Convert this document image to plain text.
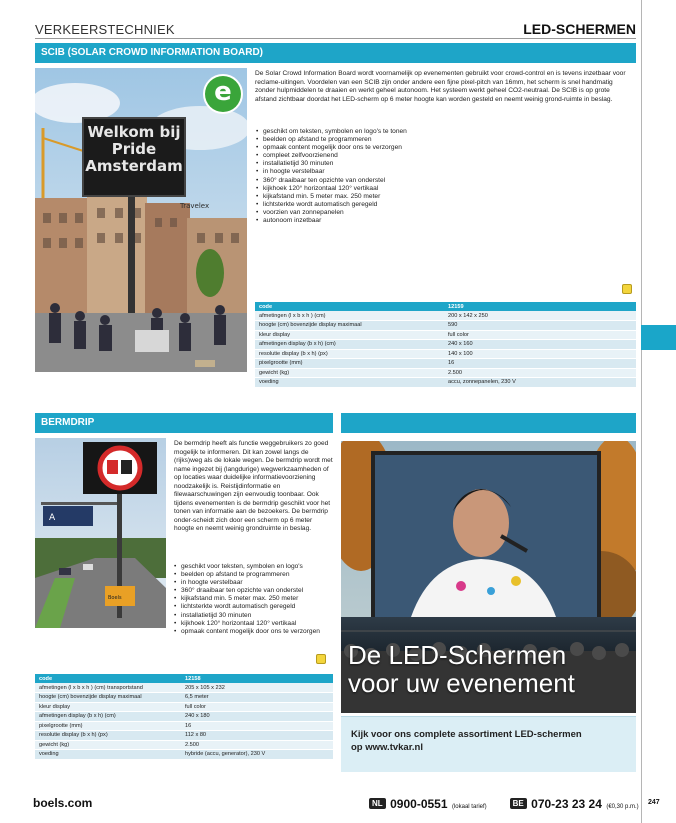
VERKEERSTECHNIEK	LED-SCHERMEN
SCIB (SOLAR CROWD INFORMATION BOARD)
Travelex
Welkom bij Pride Amsterdam
e
De Solar Crowd Information Board wordt voornamelijk op evenementen gebruikt voor crowd-control en is tevens inzetbaar voor reclame-uitingen. Voordelen van een SCIB zijn onder andere een fijne pixel-pitch van 16mm, het scherm is snel handmatig zonder hulpmiddelen te draaien en werkt geheel autonoom. Het systeem werkt geheel CO2-neutraal. De SCIB is op grote afstand zichtbaar doordat het LED-scherm op 6 meter hoogte kan worden gesteld en neemt weinig grond-ruimte in beslag.
• geschikt om teksten, symbolen en logo's te tonen
• beelden op afstand te programmeren
• opmaak content mogelijk door ons te verzorgen
• compleet zelfvoorzienend
• installatietijd 30 minuten
• in hoogte verstelbaar
• 360° draaibaar ten opzichte van onderstel
• kijkhoek 120° horizontaal 120° vertikaal
• kijkafstand min. 5 meter max. 250 meter
• lichtsterkte wordt automatisch geregeld
• voorzien van zonnepanelen
• autonoom inzetbaar
code	12159
afmetingen (l x b x h ) (cm)	200 x 142 x 250
hoogte (cm) bovenzijde display maximaal	590
kleur display	full color
afmetingen display (b x h) (cm)	240 x 160
resolutie display (b x h) (px)	140 x 100
pixelgrootte (mm)	16
gewicht (kg)	2.500
voeding	accu, zonnepanelen, 230 V
BERMDRIP
A
Boels
De bermdrip heeft als functie weggebruikers zo goed mogelijk te informeren. Dit kan zowel langs de (rijks)weg als de lokale wegen. De bermdrip wordt met name ingezet bij (langdurige) wegwerkzaamheden of op locaties waar duidelijke informatievoorziening noodzakelijk is. Reistijdinformatie en filewaarschuwingen zijn eenvoudig toonbaar. Ook tijdens evenementen is de bermdrip geschikt voor het tonen van informatie aan de bezoekers. De bermdrip onder-scheidt zich door een scherm op 6 meter hoogte en neemt weinig grondruimte in beslag.
• geschikt voor teksten, symbolen en logo's
• beelden op afstand te programmeren
• in hoogte verstelbaar
• 360° draaibaar ten opzichte van onderstel
• kijkafstand min. 5 meter max. 250 meter
• lichtsterkte wordt automatisch geregeld
• installatietijd 30 minuten
• kijkhoek 120° horizontaal 120° vertikaal
• opmaak content mogelijk door ons te verzorgen
code	12158
afmetingen (l x b x h ) (cm) transportstand	205 x 105 x 232
hoogte (cm) bovenzijde display maximaal	6,5 meter
kleur display	full color
afmetingen display (b x h) (cm)	240 x 180
pixelgrootte (mm)	16
resolutie display (b x h) (px)	112 x 80
gewicht (kg)	2.500
voeding	hybride (accu, generator), 230 V
De LED-Schermen
voor uw evenement
Kijk voor ons complete assortiment LED-schermen
op www.tvkar.nl
boels.com	NL 0900-0551 (lokaal tarief)	BE 070-23 23 24 (€0,30 p.m.)
247
